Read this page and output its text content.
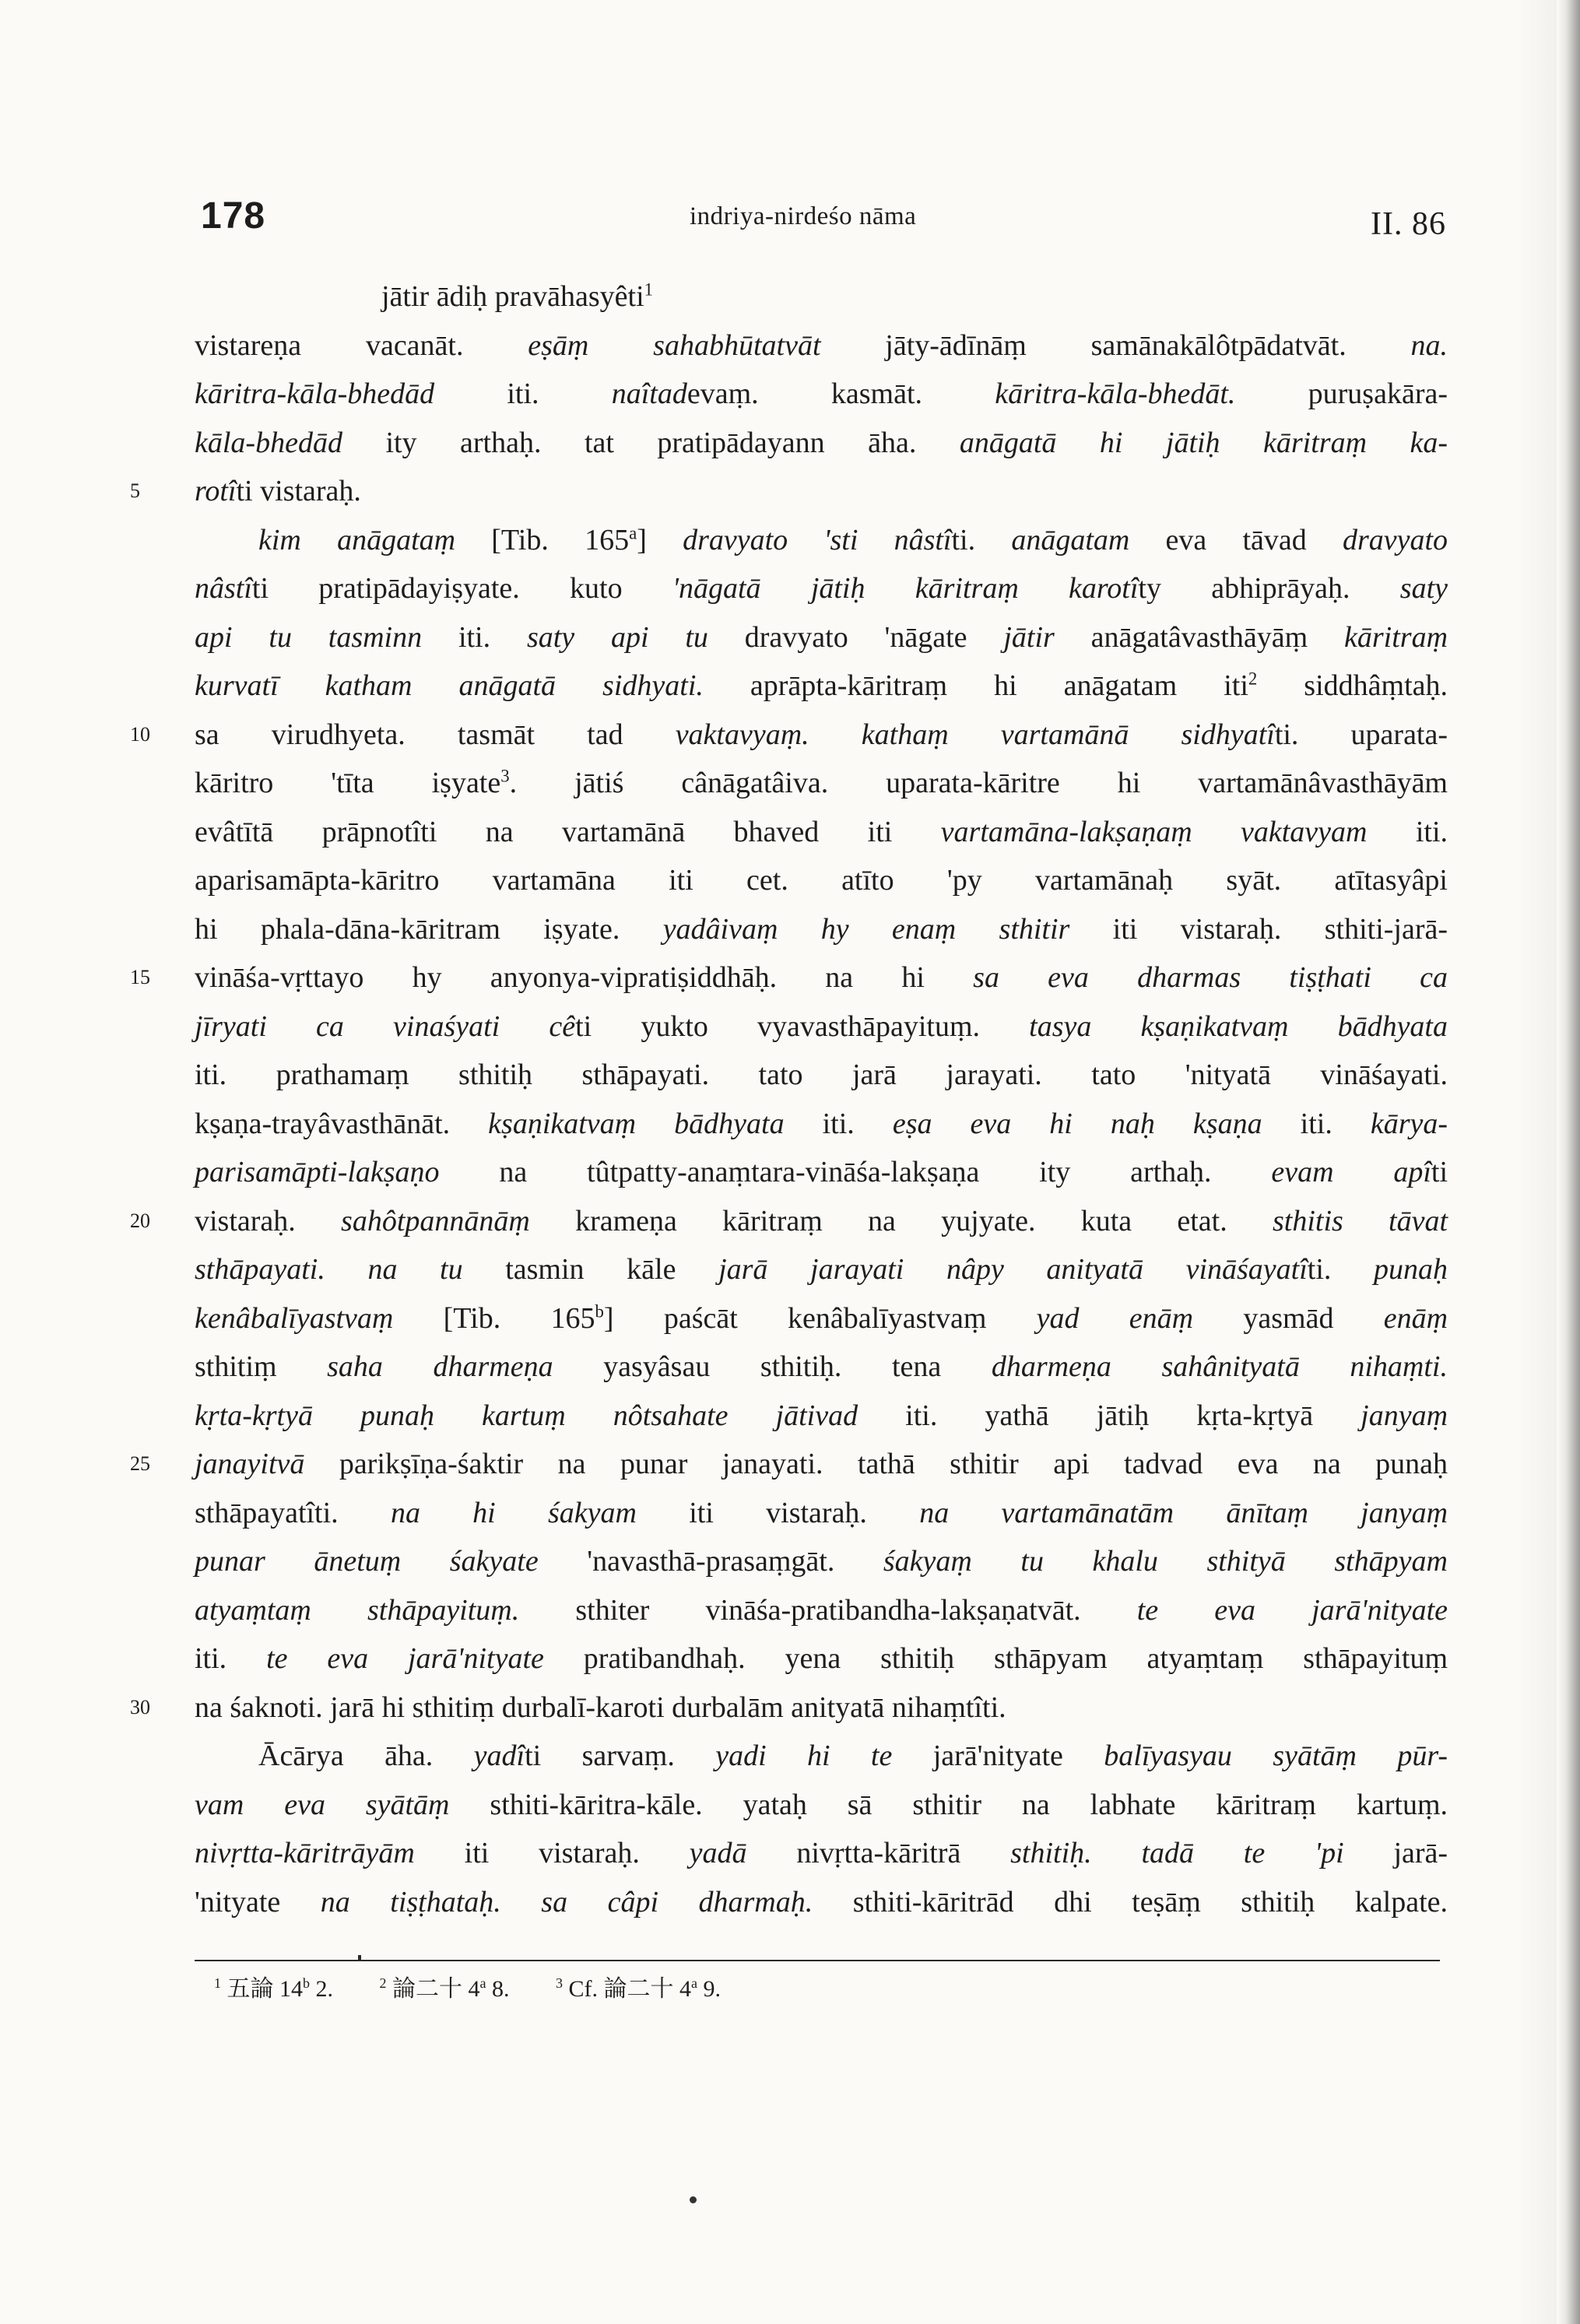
178	indriya-nirdeśo nāma	II. 86
jātir ādiḥ pravāhasyêti$^1$
vistareṇa vacanāt. eṣāṃ sahabhūtatvāt jāty-ādīnāṃ samānakālôtpādatvāt. na.
kāritra-kāla-bhedād iti. naîtadevaṃ. kasmāt. kāritra-kāla-bhedāt. puruṣakāra-
kāla-bhedād ity arthaḥ. tat pratipādayann āha. anāgatā hi jātiḥ kāritraṃ ka-
5	rotîti vistaraḥ.
kim anāgataṃ [Tib. 165$^a$] dravyato 'sti nâstîti. anāgatam eva tāvad dravyato
nâstîti pratipādayiṣyate. kuto 'nāgatā jātiḥ kāritraṃ karotîty abhiprāyaḥ. saty
api tu tasminn iti. saty api tu dravyato 'nāgate jātir anāgatâvasthāyāṃ kāritraṃ
kurvatī katham anāgatā sidhyati. aprāpta-kāritraṃ hi anāgatam iti$^2$ siddhâṃtaḥ.
10	sa virudhyeta. tasmāt tad vaktavyaṃ. kathaṃ vartamānā sidhyatîti. uparata-
kāritro 'tīta iṣyate$^3$. jātiś cânāgatâiva. uparata-kāritre hi vartamānâvasthāyām
evâtītā prāpnotîti na vartamānā bhaved iti vartamāna-lakṣaṇaṃ vaktavyam iti.
aparisamāpta-kāritro vartamāna iti cet. atīto 'py vartamānaḥ syāt. atītasyâpi
hi phala-dāna-kāritram iṣyate. yadâivaṃ hy enaṃ sthitir iti vistaraḥ. sthiti-jarā-
15	vināśa-vṛttayo hy anyonya-vipratiṣiddhāḥ. na hi sa eva dharmas tiṣṭhati ca
jīryati ca vinaśyati cêti yukto vyavasthāpayituṃ. tasya kṣaṇikatvaṃ bādhyata
iti. prathamaṃ sthitiḥ sthāpayati. tato jarā jarayati. tato 'nityatā vināśayati.
kṣaṇa-trayâvasthānāt. kṣaṇikatvaṃ bādhyata iti. eṣa eva hi naḥ kṣaṇa iti. kārya-
parisamāpti-lakṣaṇo na tûtpatty-anaṃtara-vināśa-lakṣaṇa ity arthaḥ. evam apîti
20	vistaraḥ. sahôtpannānāṃ krameṇa kāritraṃ na yujyate. kuta etat. sthitis tāvat
sthāpayati. na tu tasmin kāle jarā jarayati nâpy anityatā vināśayatîti. punaḥ
kenâbalīyastvaṃ [Tib. 165$^b$] paścāt kenâbalīyastvaṃ yad enāṃ yasmād enāṃ
sthitiṃ saha dharmeṇa yasyâsau sthitiḥ. tena dharmeṇa sahânityatā nihaṃti.
kṛta-kṛtyā punaḥ kartuṃ nôtsahate jātivad iti. yathā jātiḥ kṛta-kṛtyā janyaṃ
25	janayitvā parikṣīṇa-śaktir na punar janayati. tathā sthitir api tadvad eva na punaḥ
sthāpayatîti. na hi śakyam iti vistaraḥ. na vartamānatām ānītaṃ janyaṃ
punar ānetuṃ śakyate 'navasthā-prasaṃgāt. śakyaṃ tu khalu sthityā sthāpyam
atyaṃtaṃ sthāpayituṃ. sthiter vināśa-pratibandha-lakṣaṇatvāt. te eva jarā'nityate
iti. te eva jarā'nityate pratibandhaḥ. yena sthitiḥ sthāpyam atyaṃtaṃ sthāpayituṃ
30	na śaknoti. jarā hi sthitiṃ durbalī-karoti durbalām anityatā nihaṃtîti.
Ācārya āha. yadîti sarvaṃ. yadi hi te jarā'nityate balīyasyau syātāṃ pūr-
vam eva syātāṃ sthiti-kāritra-kāle. yataḥ sā sthitir na labhate kāritraṃ kartuṃ.
nivṛtta-kāritrāyām iti vistaraḥ. yadā nivṛtta-kāritrā sthitiḥ. tadā te 'pi jarā-
'nityate na tiṣṭhataḥ. sa câpi dharmaḥ. sthiti-kāritrād dhi teṣāṃ sthitiḥ kalpate.
$^1$ 五論 14$^b$ 2.	$^2$ 論二十 4$^a$ 8.	$^3$ Cf. 論二十 4$^a$ 9.
